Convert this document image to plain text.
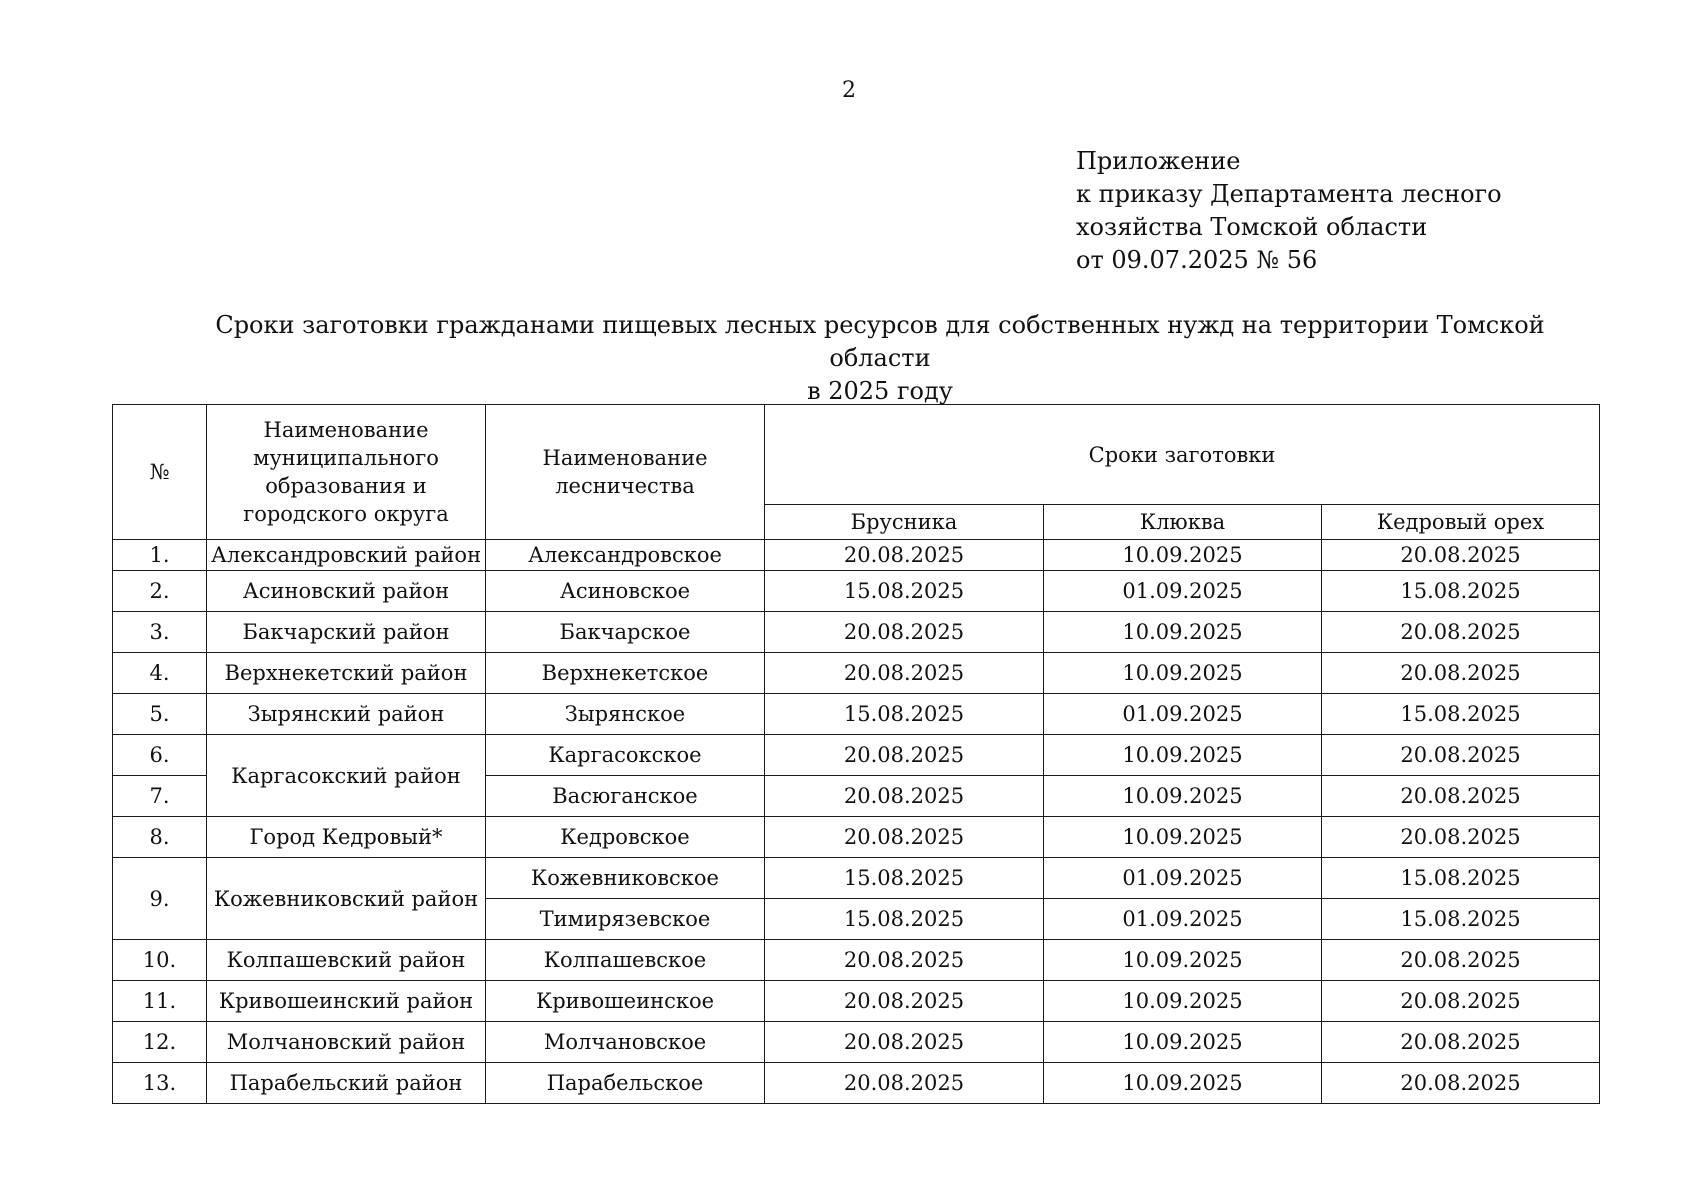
2
Приложение
к приказу Департамента лесного
хозяйства Томской области
от 09.07.2025 № 56
Сроки заготовки гражданами пищевых лесных ресурсов для собственных нужд на территории Томской области
в 2025 году
№	Наименование муниципального образования и городского округа	Наименование лесничества	Сроки заготовки		
			Брусника	Клюква	Кедровый орех
1.	Александровский район	Александровское	20.08.2025	10.09.2025	20.08.2025
2.	Асиновский район	Асиновское	15.08.2025	01.09.2025	15.08.2025
3.	Бакчарский район	Бакчарское	20.08.2025	10.09.2025	20.08.2025
4.	Верхнекетский район	Верхнекетское	20.08.2025	10.09.2025	20.08.2025
5.	Зырянский район	Зырянское	15.08.2025	01.09.2025	15.08.2025
6.	Каргасокский район	Каргасокское	20.08.2025	10.09.2025	20.08.2025
7.		Васюганское	20.08.2025	10.09.2025	20.08.2025
8.	Город Кедровый*	Кедровское	20.08.2025	10.09.2025	20.08.2025
9.	Кожевниковский район	Кожевниковское	15.08.2025	01.09.2025	15.08.2025
		Тимирязевское	15.08.2025	01.09.2025	15.08.2025
10.	Колпашевский район	Колпашевское	20.08.2025	10.09.2025	20.08.2025
11.	Кривошеинский район	Кривошеинское	20.08.2025	10.09.2025	20.08.2025
12.	Молчановский район	Молчановское	20.08.2025	10.09.2025	20.08.2025
13.	Парабельский район	Парабельское	20.08.2025	10.09.2025	20.08.2025
